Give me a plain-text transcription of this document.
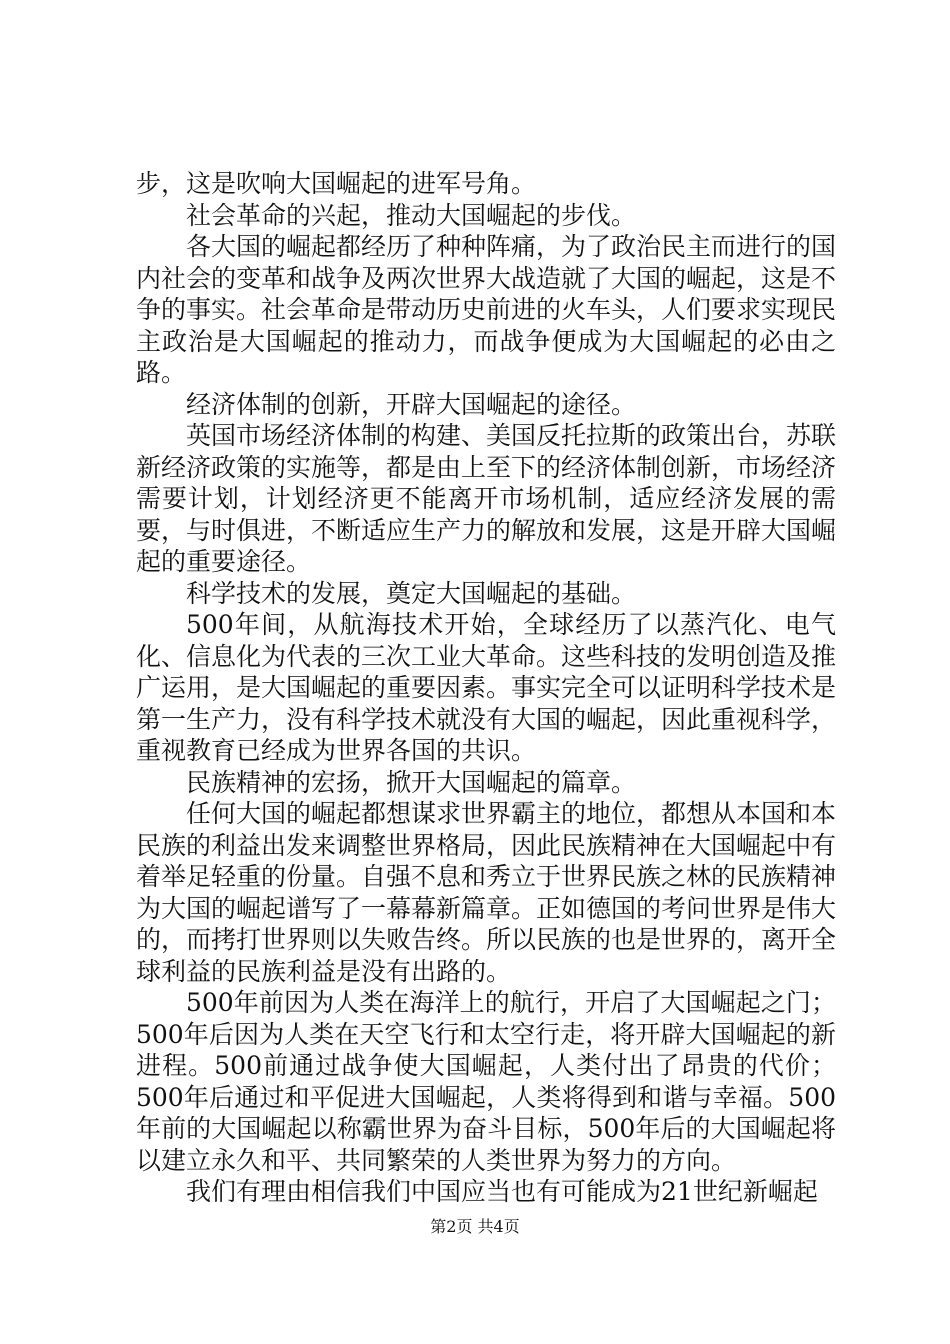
步，这是吹响大国崛起的进军号角。

社会革命的兴起，推动大国崛起的步伐。

各大国的崛起都经历了种种阵痛，为了政治民主而进行的国内社会的变革和战争及两次世界大战造就了大国的崛起，这是不争的事实。社会革命是带动历史前进的火车头，人们要求实现民主政治是大国崛起的推动力，而战争便成为大国崛起的必由之路。

经济体制的创新，开辟大国崛起的途径。

英国市场经济体制的构建、美国反托拉斯的政策出台，苏联新经济政策的实施等，都是由上至下的经济体制创新，市场经济需要计划，计划经济更不能离开市场机制，适应经济发展的需要，与时俱进，不断适应生产力的解放和发展，这是开辟大国崛起的重要途径。

科学技术的发展，奠定大国崛起的基础。

500年间，从航海技术开始，全球经历了以蒸汽化、电气化、信息化为代表的三次工业大革命。这些科技的发明创造及推广运用，是大国崛起的重要因素。事实完全可以证明科学技术是第一生产力，没有科学技术就没有大国的崛起，因此重视科学，重视教育已经成为世界各国的共识。

民族精神的宏扬，掀开大国崛起的篇章。

任何大国的崛起都想谋求世界霸主的地位，都想从本国和本民族的利益出发来调整世界格局，因此民族精神在大国崛起中有着举足轻重的份量。自强不息和秀立于世界民族之林的民族精神为大国的崛起谱写了一幕幕新篇章。正如德国的考问世界是伟大的，而拷打世界则以失败告终。所以民族的也是世界的，离开全球利益的民族利益是没有出路的。

500年前因为人类在海洋上的航行，开启了大国崛起之门；500年后因为人类在天空飞行和太空行走，将开辟大国崛起的新进程。500前通过战争使大国崛起，人类付出了昂贵的代价；500年后通过和平促进大国崛起，人类将得到和谐与幸福。500年前的大国崛起以称霸世界为奋斗目标，500年后的大国崛起将以建立永久和平、共同繁荣的人类世界为努力的方向。

我们有理由相信我们中国应当也有可能成为21世纪新崛起

第2页 共4页
